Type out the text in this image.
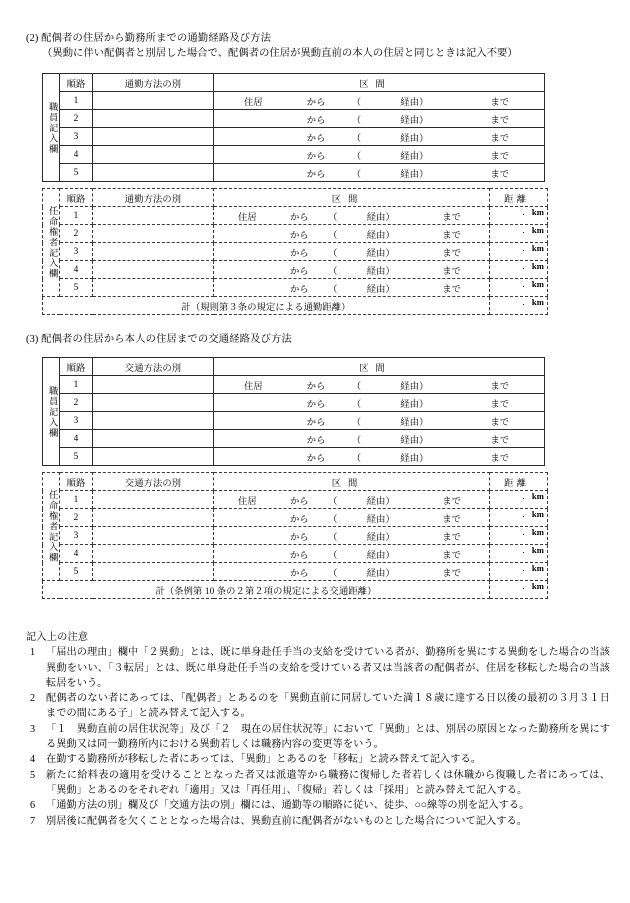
(2) 配偶者の住居から勤務所までの通勤経路及び方法
（異動に伴い配偶者と別居した場合で、配偶者の住居が異動直前の本人の住居と同じときは記入不要）
職員記入欄	順路	通勤方法の別	区間

	1		住居 から （ 経由） まで

	2		から （ 経由） まで

	3		から （ 経由） まで

	4		から （ 経由） まで

	5		から （ 経由） まで
任命権者記入欄	順路	通勤方法の別	区間	距離

	1		住居 から （ 経由） まで	. km

	2		から （ 経由） まで	. km

	3		から （ 経由） まで	. km

	4		から （ 経由） まで	. km

	5		から （ 経由） まで	. km

計（規則第３条の規定による通勤距離）				. km
(3) 配偶者の住居から本人の住居までの交通経路及び方法
職員記入欄	順路	交通方法の別	区間

	1		住居 から （ 経由） まで

	2		から （ 経由） まで

	3		から （ 経由） まで

	4		から （ 経由） まで

	5		から （ 経由） まで
任命権者記入欄	順路	交通方法の別	区間	距離

	1		住居 から （ 経由） まで	. km

	2		から （ 経由） まで	. km

	3		から （ 経由） まで	. km

	4		から （ 経由） まで	. km

	5		から （ 経由） まで	. km

計（条例第 10 条の２第２項の規定による交通距離）				. km
記入上の注意
1	「届出の理由」欄中「２異動」とは、既に単身赴任手当の支給を受けている者が、勤務所を異にする異動をした場合の当該異動をいい、「３転居」とは、既に単身赴任手当の支給を受けている者又は当該者の配偶者が、住居を移転した場合の当該転居をいう。
2	配偶者のない者にあっては、「配偶者」とあるのを「異動直前に同居していた満１８歳に達する日以後の最初の３月３１日までの間にある子」と読み替えて記入する。
3	「１　異動直前の居住状況等」及び「２　現在の居住状況等」において「異動」とは、別居の原因となった勤務所を異にする異動又は同一勤務所内における異動若しくは職務内容の変更等をいう。
4	在勤する勤務所が移転した者にあっては、「異動」とあるのを「移転」と読み替えて記入する。
5	新たに給料表の適用を受けることとなった者又は派遣等から職務に復帰した者若しくは休職から復職した者にあっては、「異動」とあるのをそれぞれ「適用」又は「再任用」、「復帰」若しくは「採用」と読み替えて記入する。
6	「通勤方法の別」欄及び「交通方法の別」欄には、通勤等の順路に従い、徒歩、○○線等の別を記入する。
7	別居後に配偶者を欠くこととなった場合は、異動直前に配偶者がないものとした場合について記入する。
